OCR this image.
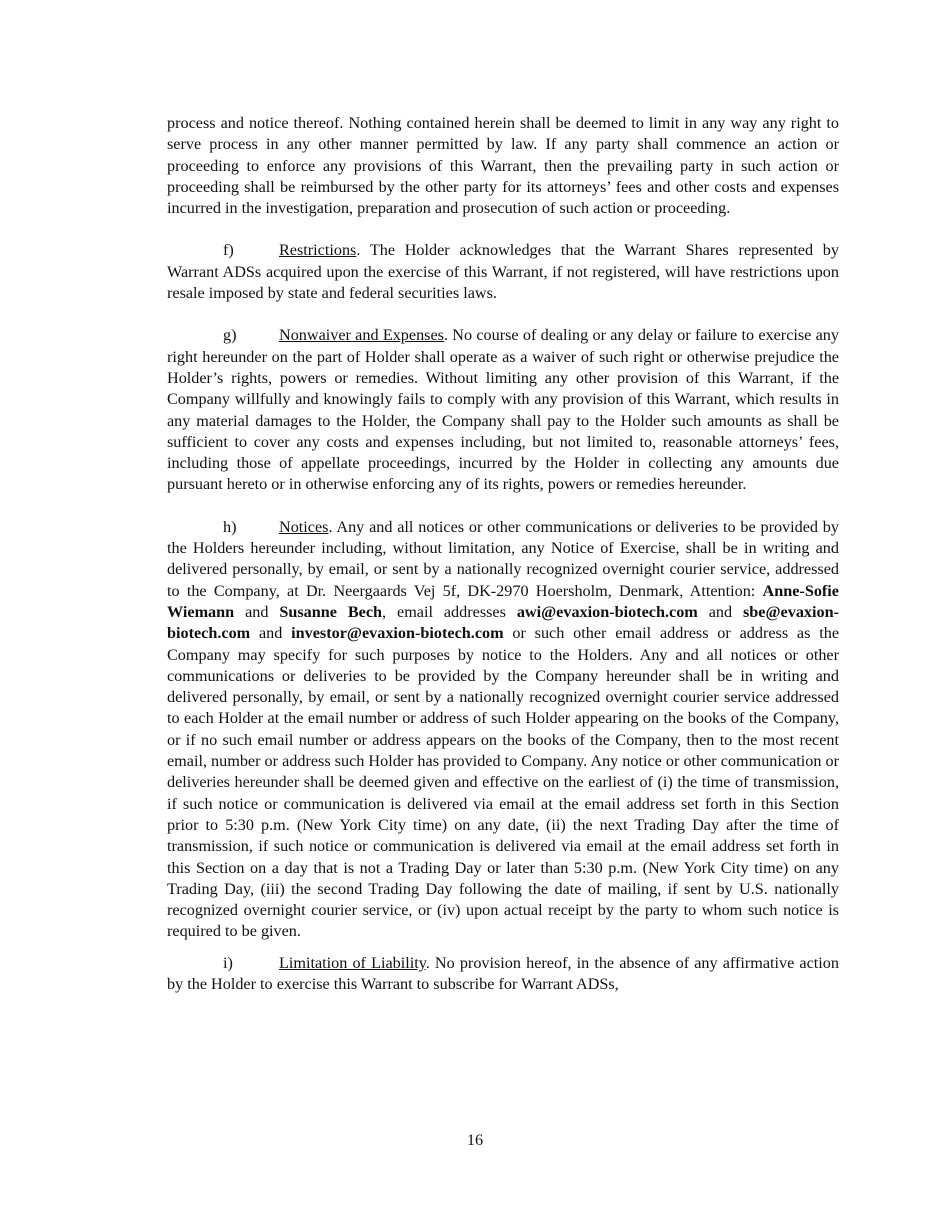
process and notice thereof. Nothing contained herein shall be deemed to limit in any way any right to serve process in any other manner permitted by law. If any party shall commence an action or proceeding to enforce any provisions of this Warrant, then the prevailing party in such action or proceeding shall be reimbursed by the other party for its attorneys’ fees and other costs and expenses incurred in the investigation, preparation and prosecution of such action or proceeding.

f)	Restrictions. The Holder acknowledges that the Warrant Shares represented by Warrant ADSs acquired upon the exercise of this Warrant, if not registered, will have restrictions upon resale imposed by state and federal securities laws.

g)	Nonwaiver and Expenses. No course of dealing or any delay or failure to exercise any right hereunder on the part of Holder shall operate as a waiver of such right or otherwise prejudice the Holder’s rights, powers or remedies. Without limiting any other provision of this Warrant, if the Company willfully and knowingly fails to comply with any provision of this Warrant, which results in any material damages to the Holder, the Company shall pay to the Holder such amounts as shall be sufficient to cover any costs and expenses including, but not limited to, reasonable attorneys’ fees, including those of appellate proceedings, incurred by the Holder in collecting any amounts due pursuant hereto or in otherwise enforcing any of its rights, powers or remedies hereunder.

h)	Notices. Any and all notices or other communications or deliveries to be provided by the Holders hereunder including, without limitation, any Notice of Exercise, shall be in writing and delivered personally, by email, or sent by a nationally recognized overnight courier service, addressed to the Company, at Dr. Neergaards Vej 5f, DK-2970 Hoersholm, Denmark, Attention: Anne-Sofie Wiemann and Susanne Bech, email addresses awi@evaxion-biotech.com and sbe@evaxion-biotech.com and investor@evaxion-biotech.com or such other email address or address as the Company may specify for such purposes by notice to the Holders. Any and all notices or other communications or deliveries to be provided by the Company hereunder shall be in writing and delivered personally, by email, or sent by a nationally recognized overnight courier service addressed to each Holder at the email number or address of such Holder appearing on the books of the Company, or if no such email number or address appears on the books of the Company, then to the most recent email, number or address such Holder has provided to Company. Any notice or other communication or deliveries hereunder shall be deemed given and effective on the earliest of (i) the time of transmission, if such notice or communication is delivered via email at the email address set forth in this Section prior to 5:30 p.m. (New York City time) on any date, (ii) the next Trading Day after the time of transmission, if such notice or communication is delivered via email at the email address set forth in this Section on a day that is not a Trading Day or later than 5:30 p.m. (New York City time) on any Trading Day, (iii) the second Trading Day following the date of mailing, if sent by U.S. nationally recognized overnight courier service, or (iv) upon actual receipt by the party to whom such notice is required to be given.

i)	Limitation of Liability. No provision hereof, in the absence of any affirmative action by the Holder to exercise this Warrant to subscribe for Warrant ADSs,

16
